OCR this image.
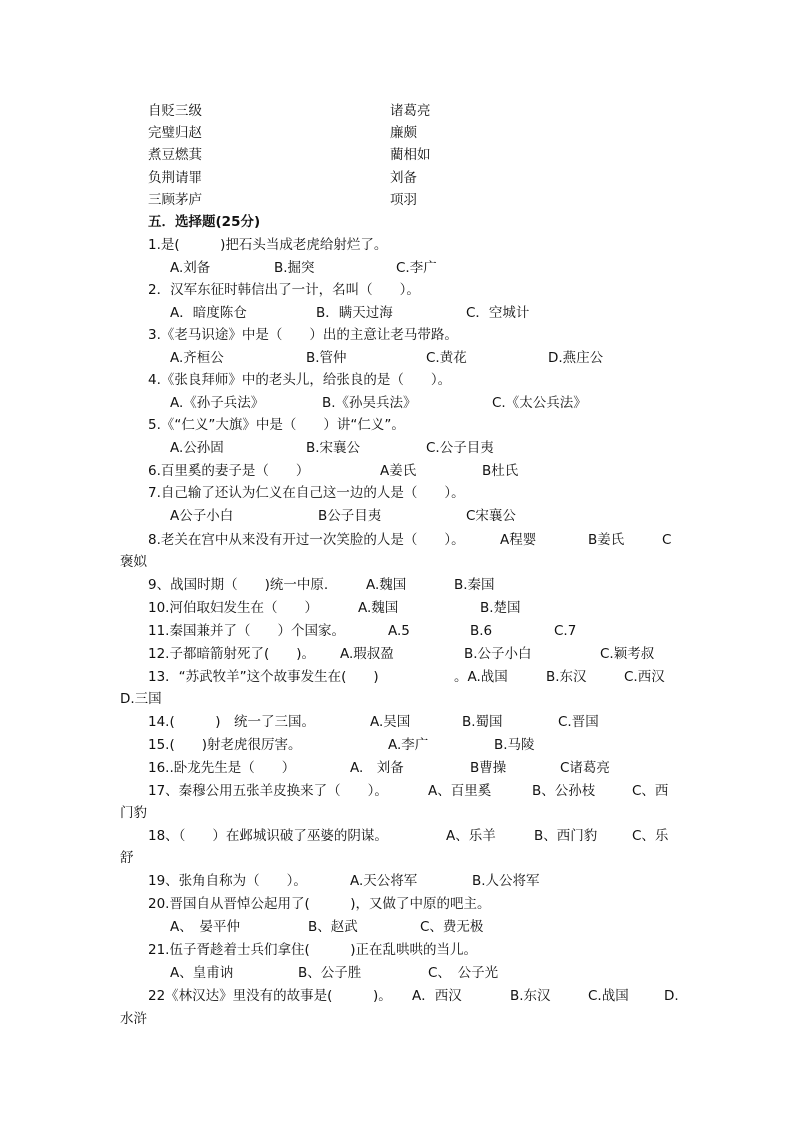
自贬三级	诸葛亮
完璧归赵	廉颇
煮豆燃萁	藺相如
负荆请罪	刘备
三顾茅庐	项羽
五．选择题(25分)
1.是(　　　)把石头当成老虎给射烂了。
A.刘备	B.掘突	C.李广
2．汉军东征时韩信出了一计，名叫（　　）。
A．暗度陈仓	B．瞒天过海	C．空城计
3.《老马识途》中是（　　）出的主意让老马带路。
A.齐桓公	B.管仲	C.黄花	D.燕庄公
4.《张良拜师》中的老头儿，给张良的是（　　）。
A.《孙子兵法》	B.《孙吴兵法》	C.《太公兵法》
5.《“仁义”大旗》中是（　　）讲“仁义”。
A.公孙固	B.宋襄公	C.公子目夷
6.百里奚的妻子是（　　）	A姜氏	B杜氏
7.自己输了还认为仁义在自己这一边的人是（　　）。
A公子小白	B公子目夷	C宋襄公
8.老关在宫中从来没有开过一次笑脸的人是（　　）。	A程婴	B姜氏	C
褒姒
9、战国时期（　　)统一中原.	A.魏国	B.秦国
10.河伯取妇发生在（　　）	A.魏国	B.楚国
11.秦国兼并了（　　）个国家。	A.5	B.6	C.7
12.子都暗箭射死了(　　)。 A.瑕叔盈	B.公子小白	C.颖考叔
13．“苏武牧羊”这个故事发生在(　　)	。A.战国	B.东汉	C.西汉
D.三国
14.(　　　)　统一了三国。	A.吴国	B.蜀国	C.晋国
15.(　　)射老虎很厉害。	A.李广	B.马陵
16..卧龙先生是（　　）	A.　刘备	B曹操	C诸葛亮
17、秦穆公用五张羊皮换来了（　　）。	A、百里奚	B、公孙枝	C、西
门豹
18、（　　）在邺城识破了巫婆的阴谋。	A、乐羊	B、西门豹	C、乐
舒
19、张角自称为（　　）。	A.天公将军	B.人公将军
20.晋国自从晋悼公起用了(　　　)，又做了中原的吧主。
A、　晏平仲	B、赵武	C、费无极
21.伍子胥趁着士兵们拿住(　　　)正在乱哄哄的当儿。
A、皇甫讷	B、公子胜	C、　公子光
22《林汉达》里没有的故事是(　　　)。 A．西汉	B.东汉	C.战国	D.
水浒
